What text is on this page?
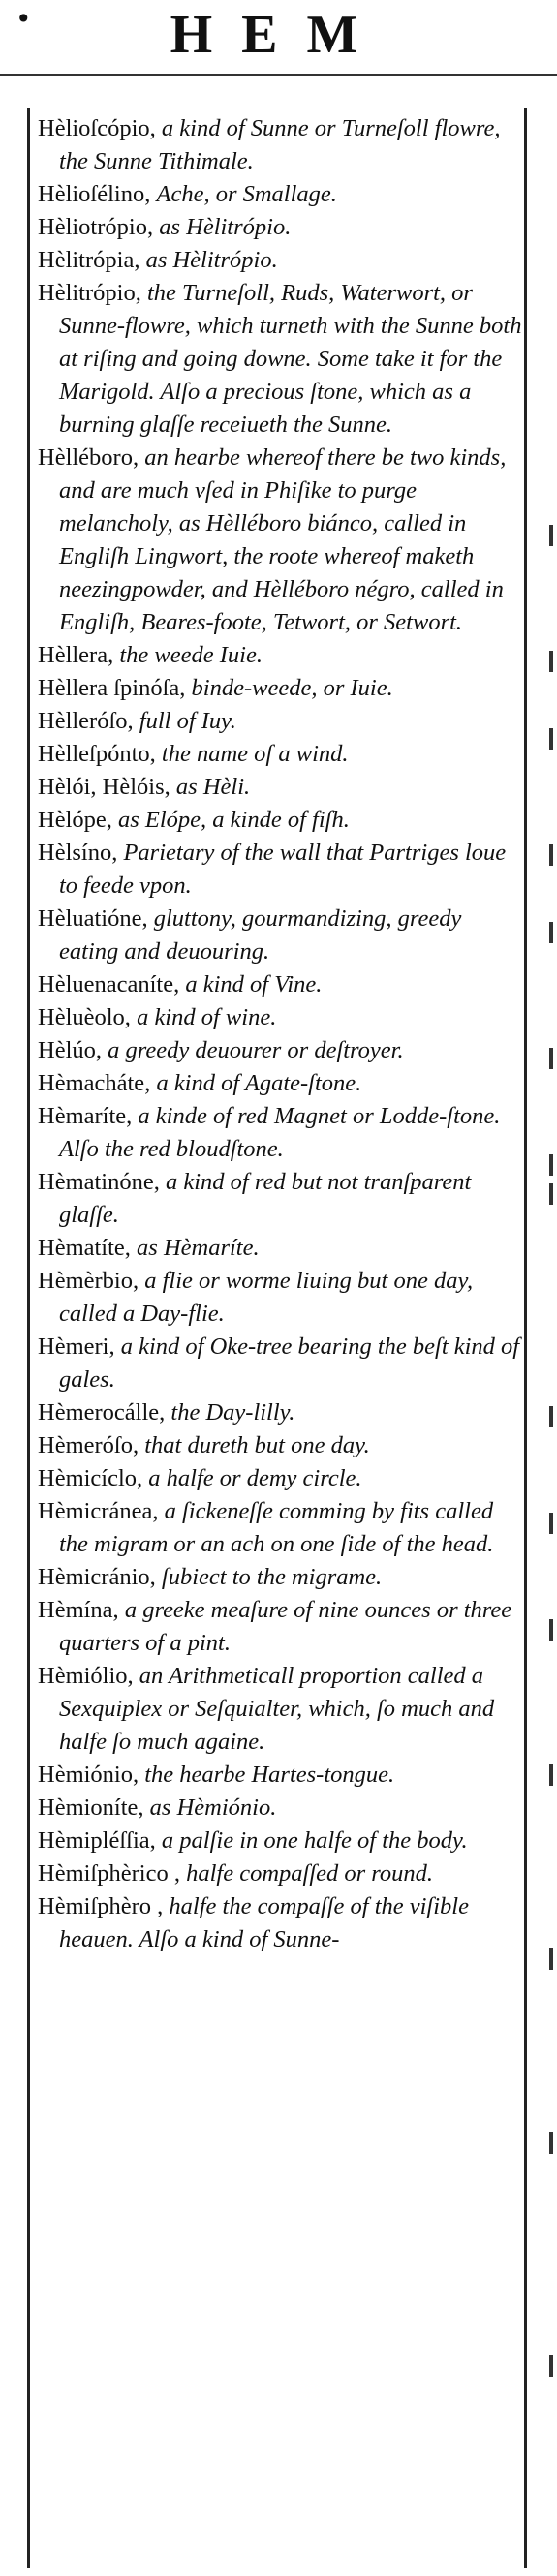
•	HEM

Hèlioſcópio, a kind of Sunne or Turneſoll flowre, the Sunne Tithimale.

Hèlioſélino, Ache, or Smallage.

Hèliotrópio, as Hèlitrópio.

Hèlitrópia, as Hèlitrópio.

Hèlitrópio, the Turneſoll, Ruds, Waterwort, or Sunne-flowre, which turneth with the Sunne both at riſing and going downe. Some take it for the Marigold. Alſo a precious ſtone, which as a burning glaſſe receiueth the Sunne.

Hèlléboro, an hearbe whereof there be two kinds, and are much vſed in Phiſike to purge melancholy, as Hèlléboro biánco, called in Engliſh Lingwort, the roote whereof maketh neezingpowder, and Hèlléboro négro, called in Engliſh, Beares-foote, Tetwort, or Setwort.

Hèllera, the weede Iuie.

Hèllera ſpinóſa, binde-weede, or Iuie.

Hèlleróſo, full of Iuy.

Hèlleſpónto, the name of a wind.

Hèlói, Hèlóis, as Hèli.

Hèlópe, as Elópe, a kinde of fiſh.

Hèlsíno, Parietary of the wall that Partriges loue to feede vpon.

Hèluatióne, gluttony, gourmandizing, greedy eating and deuouring.

Hèluenacaníte, a kind of Vine.

Hèluèolo, a kind of wine.

Hèlúo, a greedy deuourer or deſtroyer.

Hèmacháte, a kind of Agate-ſtone.

Hèmaríte, a kinde of red Magnet or Lodde-ſtone. Alſo the red bloudſtone.

Hèmatinóne, a kind of red but not tranſparent glaſſe.

Hèmatíte, as Hèmaríte.

Hèmèrbio, a flie or worme liuing but one day, called a Day-flie.

Hèmeri, a kind of Oke-tree bearing the beſt kind of gales.

Hèmerocálle, the Day-lilly.

Hèmeróſo, that dureth but one day.

Hèmicíclo, a halfe or demy circle.

Hèmicránea, a ſickeneſſe comming by fits called the migram or an ach on one ſide of the head.

Hèmicránio, ſubiect to the migrame.

Hèmína, a greeke meaſure of nine ounces or three quarters of a pint.

Hèmiólio, an Arithmeticall proportion called a Sexquiplex or Seſquialter, which, ſo much and halfe ſo much againe.

Hèmiónio, the hearbe Hartes-tongue.

Hèmioníte, as Hèmiónio.

Hèmipléſſia, a palſie in one halfe of the body.

Hèmiſphèrico , halfe compaſſed or round.

Hèmiſphèro , halfe the compaſſe of the viſible heauen. Alſo a kind of Sunne-
